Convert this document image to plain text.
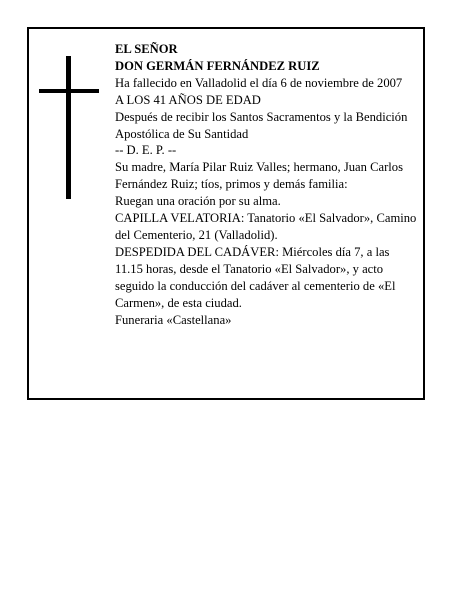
EL SEÑOR

DON GERMÁN FERNÁNDEZ RUIZ

Ha fallecido en Valladolid el día 6 de noviembre de 2007

A LOS 41 AÑOS DE EDAD

Después de recibir los Santos Sacramentos y la Bendición Apostólica de Su Santidad

-- D. E. P. --

Su madre, María Pilar Ruiz Valles; hermano, Juan Carlos Fernández Ruiz; tíos, primos y demás familia:

Ruegan una oración por su alma.

CAPILLA VELATORIA: Tanatorio «El Salvador», Camino del Cementerio, 21 (Valladolid).

DESPEDIDA DEL CADÁVER: Miércoles día 7, a las 11.15 horas, desde el Tanatorio «El Salvador», y acto seguido la conducción del cadáver al cementerio de «El Carmen», de esta ciudad.

Funeraria «Castellana»
